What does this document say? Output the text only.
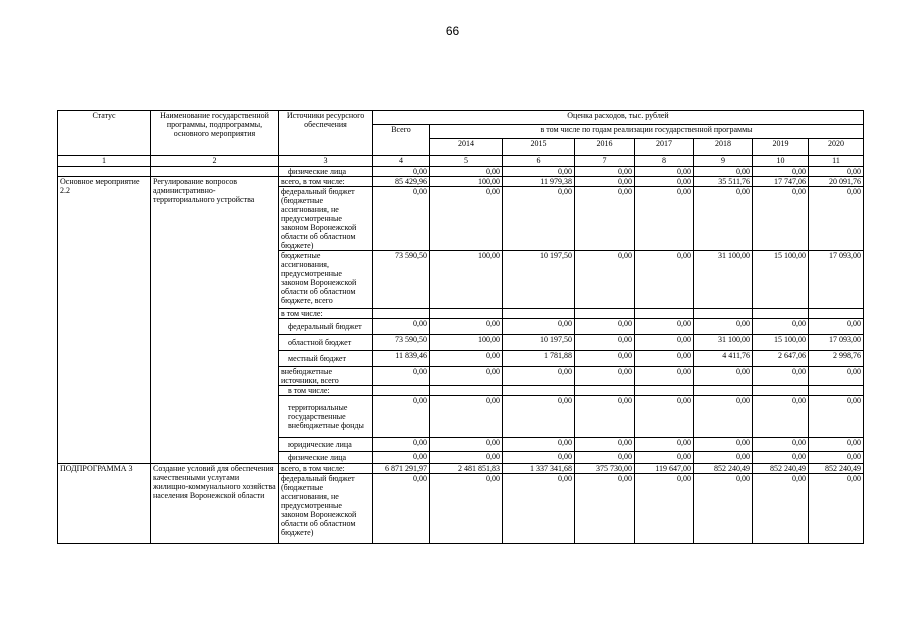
66
Статус	Наименование государственной программы, подпрограммы, основного мероприятия	Источники ресурсного обеспечения	Оценка расходов, тыс. рублей							
			Всего	в том числе по годам реализации государственной программы						
				2014	2015	2016	2017	2018	2019	2020
1	2	3	4	5	6	7	8	9	10	11
		физические лица	0,00	0,00	0,00	0,00	0,00	0,00	0,00	0,00
Основное мероприятие 2.2	Регулирование вопросов административно-территориального устройства	всего, в том числе:	85 429,96	100,00	11 979,38	0,00	0,00	35 511,76	17 747,06	20 091,76
		федеральный бюджет (бюджетные ассигнования, не предусмотренные законом Воронежской области об областном бюджете)	0,00	0,00	0,00	0,00	0,00	0,00	0,00	0,00
		бюджетные ассигнования, предусмотренные законом Воронежской области об областном бюджете, всего	73 590,50	100,00	10 197,50	0,00	0,00	31 100,00	15 100,00	17 093,00
		в том числе:								
		федеральный бюджет	0,00	0,00	0,00	0,00	0,00	0,00	0,00	0,00
		областной бюджет	73 590,50	100,00	10 197,50	0,00	0,00	31 100,00	15 100,00	17 093,00
		местный бюджет	11 839,46	0,00	1 781,88	0,00	0,00	4 411,76	2 647,06	2 998,76
		внебюджетные источники, всего	0,00	0,00	0,00	0,00	0,00	0,00	0,00	0,00
		в том числе:								
		территориальные государственные внебюджетные фонды	0,00	0,00	0,00	0,00	0,00	0,00	0,00	0,00
		юридические лица	0,00	0,00	0,00	0,00	0,00	0,00	0,00	0,00
		физические лица	0,00	0,00	0,00	0,00	0,00	0,00	0,00	0,00
ПОДПРОГРАММА 3	Создание условий для обеспечения качественными услугами жилищно-коммунального хозяйства населения Воронежской области	всего, в том числе:	6 871 291,97	2 481 851,83	1 337 341,68	375 730,00	119 647,00	852 240,49	852 240,49	852 240,49
		федеральный бюджет (бюджетные ассигнования, не предусмотренные законом Воронежской области об областном бюджете)	0,00	0,00	0,00	0,00	0,00	0,00	0,00	0,00
